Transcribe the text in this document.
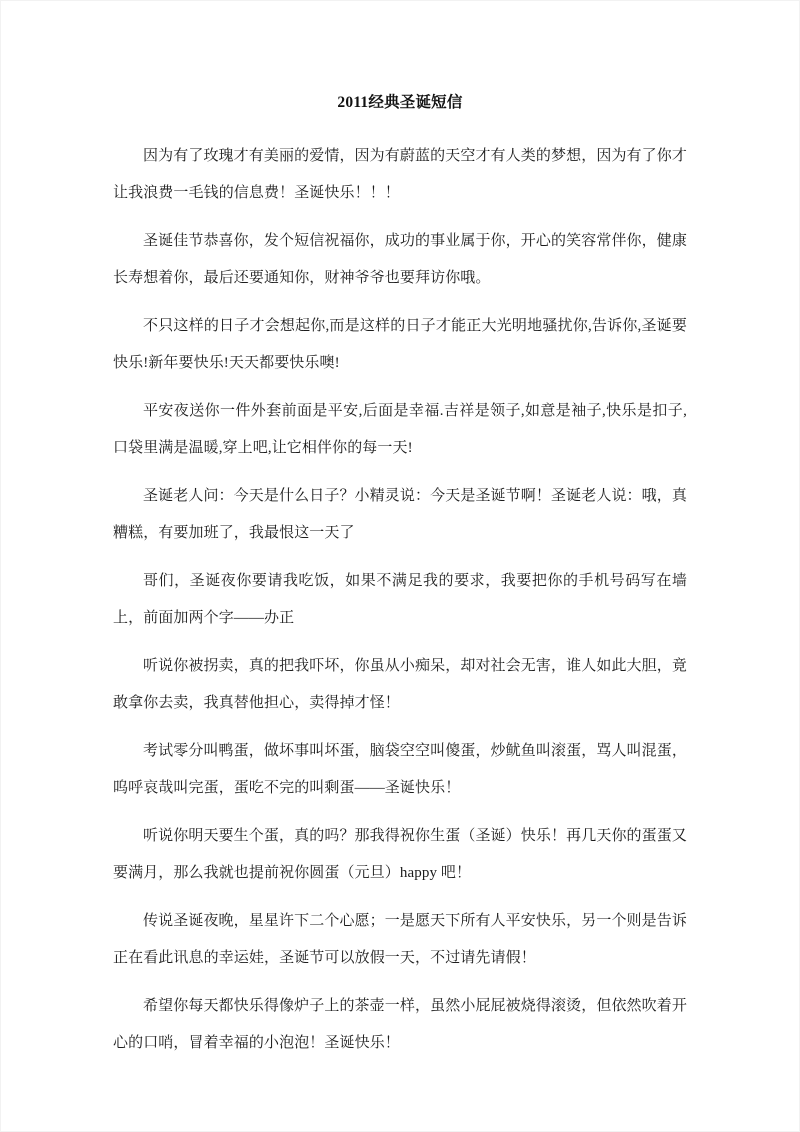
2011经典圣诞短信

因为有了玫瑰才有美丽的爱情，因为有蔚蓝的天空才有人类的梦想，因为有了你才让我浪费一毛钱的信息费！圣诞快乐！！！

圣诞佳节恭喜你，发个短信祝福你，成功的事业属于你，开心的笑容常伴你，健康长寿想着你，最后还要通知你，财神爷爷也要拜访你哦。

不只这样的日子才会想起你,而是这样的日子才能正大光明地骚扰你,告诉你,圣诞要快乐!新年要快乐!天天都要快乐噢!

平安夜送你一件外套前面是平安,后面是幸福.吉祥是领子,如意是袖子,快乐是扣子,口袋里满是温暖,穿上吧,让它相伴你的每一天!

圣诞老人问：今天是什么日子？小精灵说：今天是圣诞节啊！圣诞老人说：哦，真糟糕，有要加班了，我最恨这一天了

哥们，圣诞夜你要请我吃饭，如果不满足我的要求，我要把你的手机号码写在墙上，前面加两个字——办正

听说你被拐卖，真的把我吓坏，你虽从小痴呆，却对社会无害，谁人如此大胆，竟敢拿你去卖，我真替他担心，卖得掉才怪！

考试零分叫鸭蛋，做坏事叫坏蛋，脑袋空空叫傻蛋，炒鱿鱼叫滚蛋，骂人叫混蛋，呜呼哀哉叫完蛋，蛋吃不完的叫剩蛋——圣诞快乐！

听说你明天要生个蛋，真的吗？那我得祝你生蛋（圣诞）快乐！再几天你的蛋蛋又要满月，那么我就也提前祝你圆蛋（元旦）happy 吧！

传说圣诞夜晚，星星许下二个心愿；一是愿天下所有人平安快乐，另一个则是告诉正在看此讯息的幸运娃，圣诞节可以放假一天，不过请先请假！

希望你每天都快乐得像炉子上的茶壶一样，虽然小屁屁被烧得滚烫，但依然吹着开心的口哨，冒着幸福的小泡泡！圣诞快乐！
